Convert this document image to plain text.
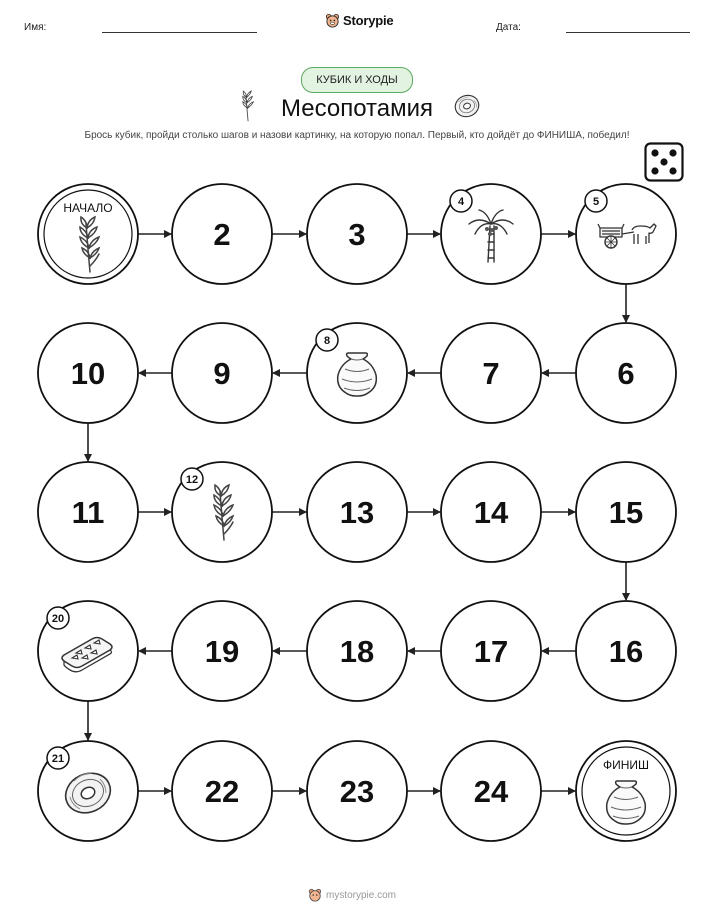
Имя:	Storypie	Дата:
КУБИК И ХОДЫ
Месопотамия
Брось кубик, пройди столько шагов и назови картинку, на которую попал. Первый, кто дойдёт до ФИНИША, победил!
НАЧАЛО
2	3
4	5
6
7
8
9
10
11
12
13	14	15
16
17
18
19
20
21
22	23	24
ФИНИШ
mystorypie.com
